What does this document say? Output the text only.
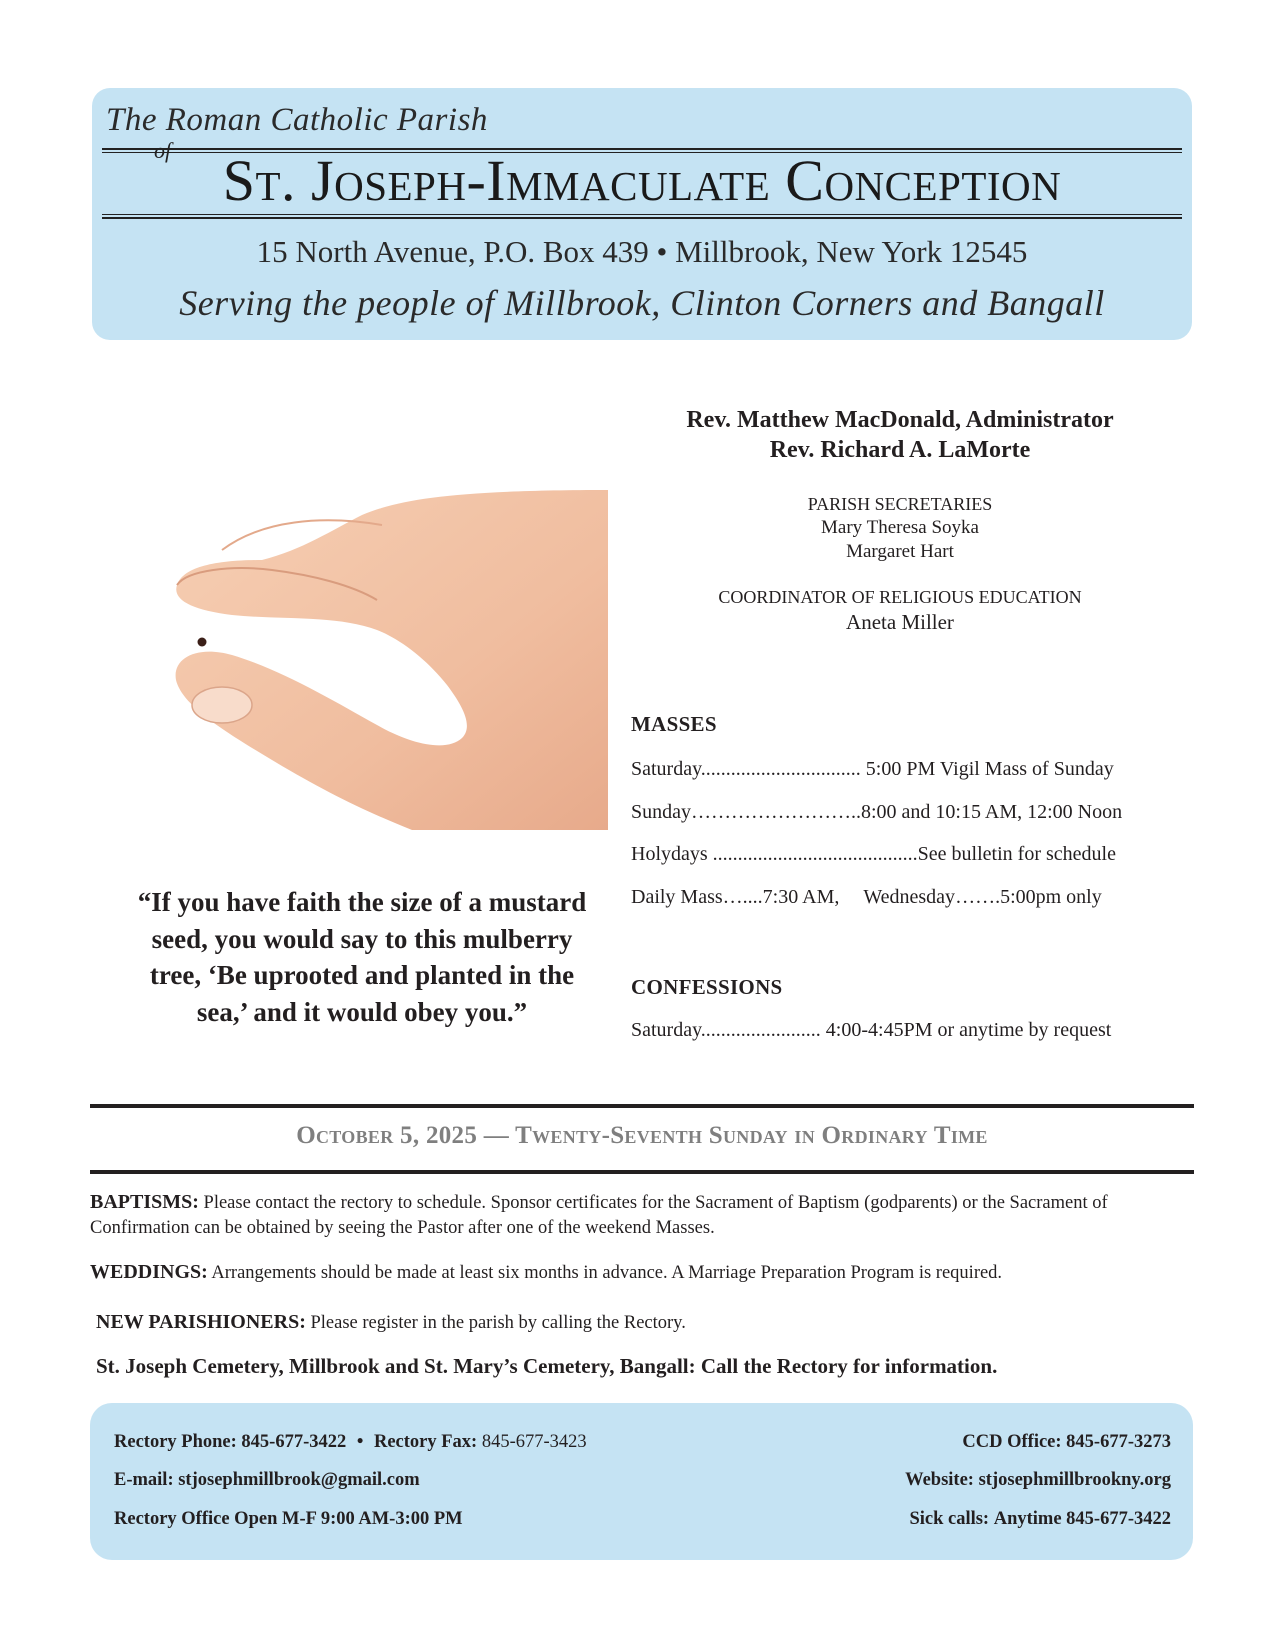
The Roman Catholic Parish
St. Joseph-Immaculate Conception
of
15 North Avenue, P.O. Box 439 • Millbrook, New York 12545
Serving the people of Millbrook, Clinton Corners and Bangall
Rev. Matthew MacDonald, Administrator
Rev. Richard A. LaMorte
PARISH SECRETARIES
Mary Theresa Soyka
Margaret Hart
COORDINATOR OF RELIGIOUS EDUCATION
Aneta Miller
MASSES
Saturday................................ 5:00 PM Vigil Mass of Sunday
Sunday……………………..8:00 and 10:15 AM, 12:00 Noon
Holydays .........................................See bulletin for schedule
Daily Mass…....7:30 AM, Wednesday…….5:00pm only
CONFESSIONS
Saturday........................ 4:00-4:45PM or anytime by request
“If you have faith the size of a mustard
seed, you would say to this mulberry
tree, ‘Be uprooted and planted in the
sea,’ and it would obey you.”
October 5, 2025 — Twenty-Seventh Sunday in Ordinary Time
BAPTISMS: Please contact the rectory to schedule. Sponsor certificates for the Sacrament of Baptism (godparents) or the Sacrament of Confirmation can be obtained by seeing the Pastor after one of the weekend Masses.
WEDDINGS: Arrangements should be made at least six months in advance. A Marriage Preparation Program is required.
NEW PARISHIONERS: Please register in the parish by calling the Rectory.
St. Joseph Cemetery, Millbrook and St. Mary’s Cemetery, Bangall: Call the Rectory for information.
Rectory Phone: 845-677-3422 • Rectory Fax: 845-677-3423
E-mail: stjosephmillbrook@gmail.com
Rectory Office Open M-F 9:00 AM-3:00 PM
CCD Office: 845-677-3273
Website: stjosephmillbrookny.org
Sick calls: Anytime 845-677-3422
